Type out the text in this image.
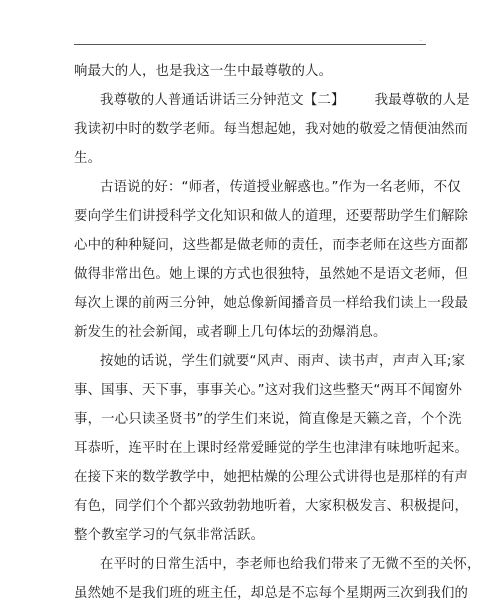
.
响最大的人，也是我这一生中最尊敬的人。
我尊敬的人普通话讲话三分钟范文【二】 我最尊敬的人是
我读初中时的数学老师。每当想起她，我对她的敬爱之情便油然而
生。
古语说的好：“师者，传道授业解惑也。”作为一名老师，不仅
要向学生们讲授科学文化知识和做人的道理，还要帮助学生们解除
心中的种种疑问，这些都是做老师的责任，而李老师在这些方面都
做得非常出色。她上课的方式也很独特，虽然她不是语文老师，但
每次上课的前两三分钟，她总像新闻播音员一样给我们读上一段最
新发生的社会新闻，或者聊上几句体坛的劲爆消息。
按她的话说，学生们就要“风声、雨声、读书声，声声入耳;家
事、国事、天下事，事事关心。”这对我们这些整天“两耳不闻窗外
事，一心只读圣贤书”的学生们来说，简直像是天籁之音，个个洗
耳恭听，连平时在上课时经常爱睡觉的学生也津津有味地听起来。
在接下来的数学教学中，她把枯燥的公理公式讲得也是那样的有声
有色，同学们个个都兴致勃勃地听着，大家积极发言、积极提问，
整个教室学习的气氛非常活跃。
在平时的日常生活中，李老师也给我们带来了无微不至的关怀，
虽然她不是我们班的班主任，却总是不忘每个星期两三次到我们的
